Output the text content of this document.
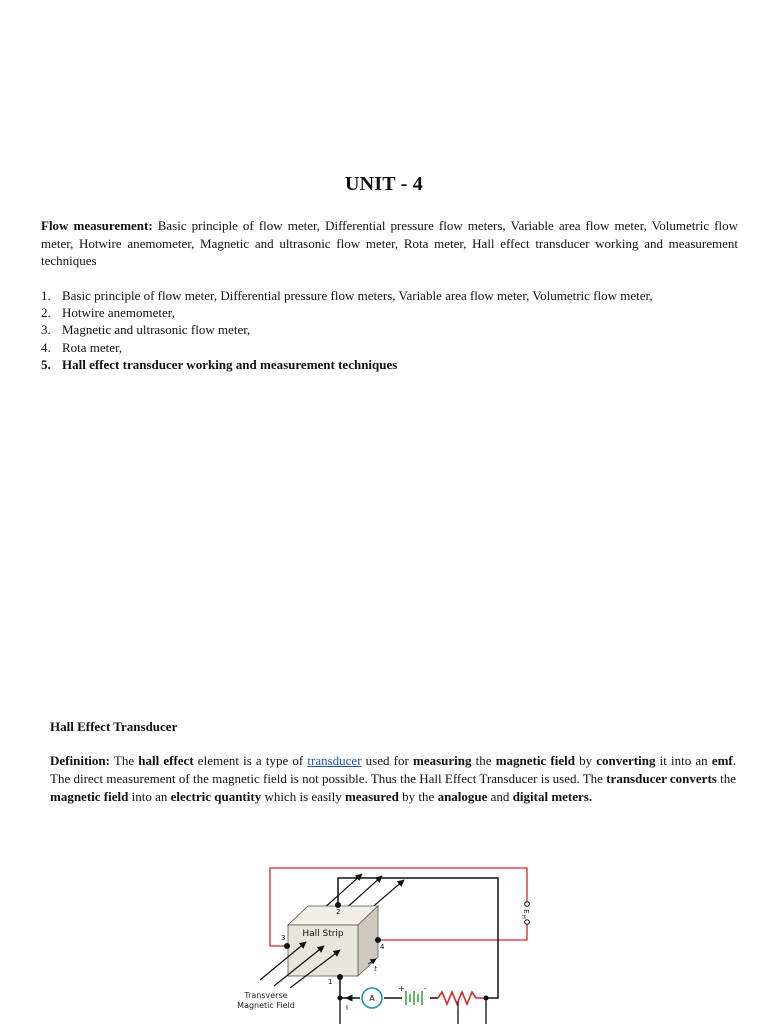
UNIT - 4

Flow measurement: Basic principle of flow meter, Differential pressure flow meters, Variable area flow meter, Volumetric flow meter, Hotwire anemometer, Magnetic and ultrasonic flow meter, Rota meter, Hall effect transducer working and measurement techniques

1. Basic principle of flow meter, Differential pressure flow meters, Variable area flow meter, Volumetric flow meter,
2. Hotwire anemometer,
3. Magnetic and ultrasonic flow meter,
4. Rota meter,
5. Hall effect transducer working and measurement techniques
Hall Effect Transducer

Definition: The hall effect element is a type of transducer used for measuring the magnetic field by converting it into an emf. The direct measurement of the magnetic field is not possible. Thus the Hall Effect Transducer is used. The transducer converts the magnetic field into an electric quantity which is easily measured by the analogue and digital meters.

Hall Strip
2
3
4
1
t
Transverse
Magnetic Field
E
H
I
A
+ -
